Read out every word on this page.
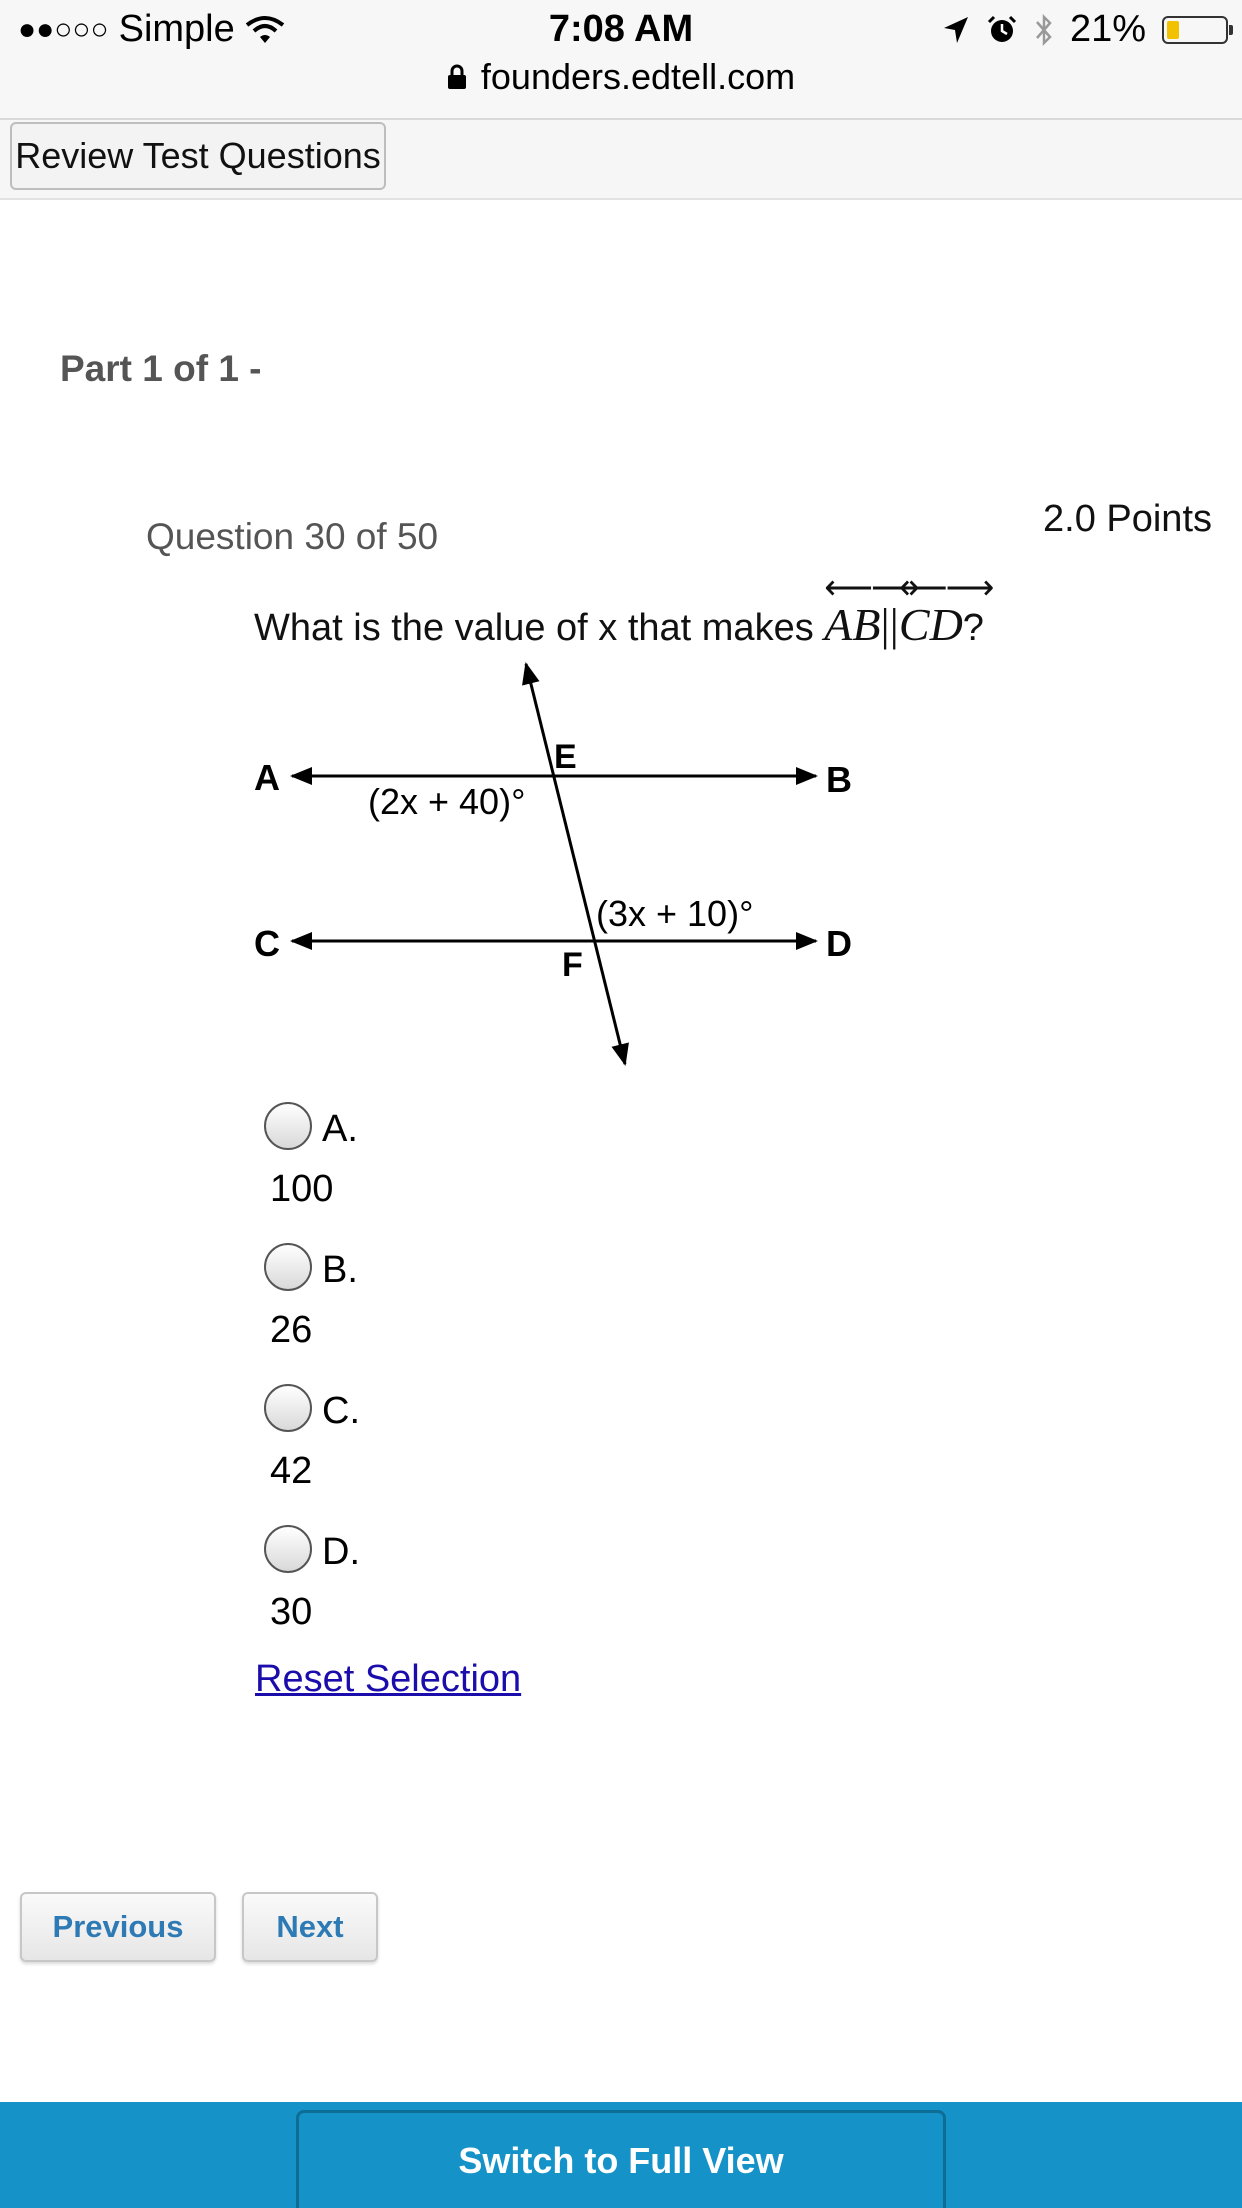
●●○○○ Simple	7:08 AM	21%
founders.edtell.com
Review Test Questions
Part 1 of 1 -
Question 30 of 50	2.0 Points
What is the value of x that makes
⟵⟶
AB||
⟵⟶
CD?
A	B
C	D
E
F
(2x + 40)°
(3x + 10)°
A.
100
B.
26
C.
42
D.
30
Reset Selection
Previous	Next
Switch to Full View
